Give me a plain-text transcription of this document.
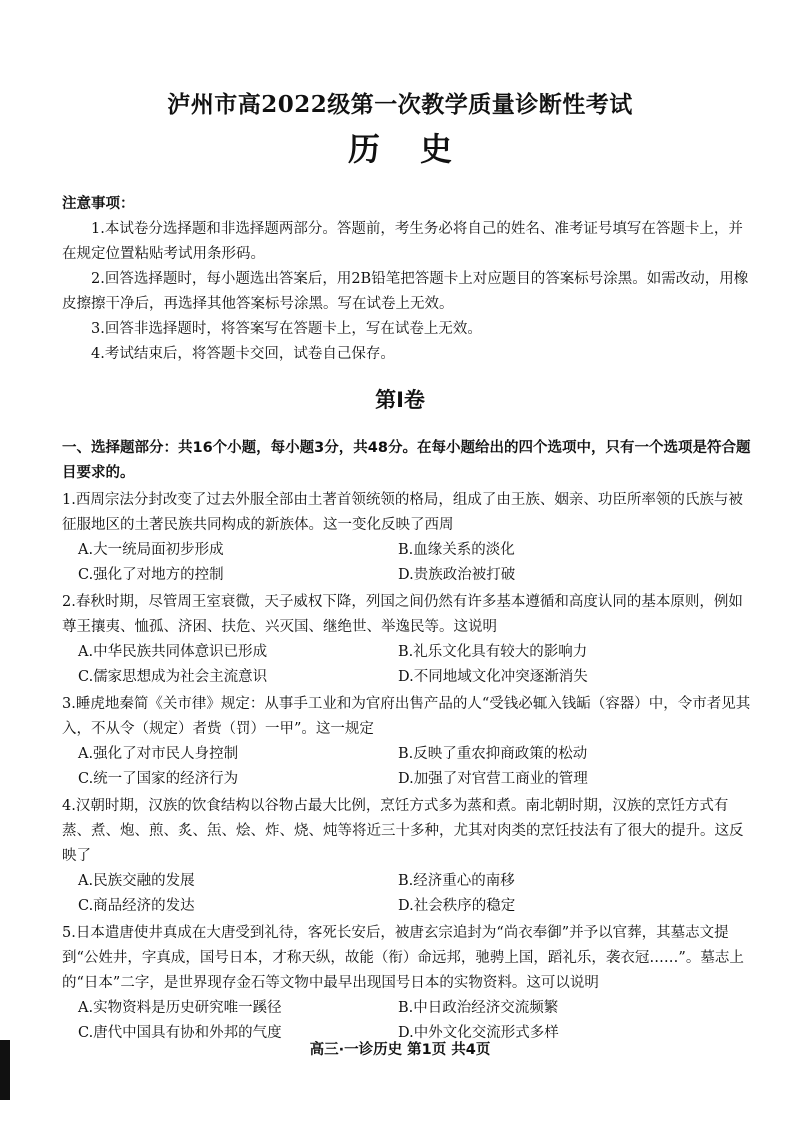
泸州市高2022级第一次教学质量诊断性考试
历史
注意事项：
1.本试卷分选择题和非选择题两部分。答题前，考生务必将自己的姓名、准考证号填写在答题卡上，并在规定位置粘贴考试用条形码。
2.回答选择题时，每小题选出答案后，用2B铅笔把答题卡上对应题目的答案标号涂黑。如需改动，用橡皮擦擦干净后，再选择其他答案标号涂黑。写在试卷上无效。
3.回答非选择题时，将答案写在答题卡上，写在试卷上无效。
4.考试结束后，将答题卡交回，试卷自己保存。
第Ⅰ卷
一、选择题部分：共16个小题，每小题3分，共48分。在每小题给出的四个选项中，只有一个选项是符合题目要求的。
1.西周宗法分封改变了过去外服全部由土著首领统领的格局，组成了由王族、姻亲、功臣所率领的氏族与被征服地区的土著民族共同构成的新族体。这一变化反映了西周
A.大一统局面初步形成	B.血缘关系的淡化
C.强化了对地方的控制	D.贵族政治被打破
2.春秋时期，尽管周王室衰微，天子威权下降，列国之间仍然有许多基本遵循和高度认同的基本原则，例如尊王攘夷、恤孤、济困、扶危、兴灭国、继绝世、举逸民等。这说明
A.中华民族共同体意识已形成	B.礼乐文化具有较大的影响力
C.儒家思想成为社会主流意识	D.不同地域文化冲突逐渐消失
3.睡虎地秦简《关市律》规定：从事手工业和为官府出售产品的人“受钱必辄入钱缿（容器）中，令市者见其入，不从令（规定）者赀（罚）一甲”。这一规定
A.强化了对市民人身控制	B.反映了重农抑商政策的松动
C.统一了国家的经济行为	D.加强了对官营工商业的管理
4.汉朝时期，汉族的饮食结构以谷物占最大比例，烹饪方式多为蒸和煮。南北朝时期，汉族的烹饪方式有蒸、煮、炮、煎、炙、缹、烩、炸、烧、炖等将近三十多种，尤其对肉类的烹饪技法有了很大的提升。这反映了
A.民族交融的发展	B.经济重心的南移
C.商品经济的发达	D.社会秩序的稳定
5.日本遣唐使井真成在大唐受到礼待，客死长安后，被唐玄宗追封为“尚衣奉御”并予以官葬，其墓志文提到“公姓井，字真成，国号日本，才称天纵，故能（衔）命远邦，驰骋上国，蹈礼乐，袭衣冠……”。墓志上的“日本”二字，是世界现存金石等文物中最早出现国号日本的实物资料。这可以说明
A.实物资料是历史研究唯一蹊径	B.中日政治经济交流频繁
C.唐代中国具有协和外邦的气度	D.中外文化交流形式多样
高三·一诊历史 第1页 共4页
